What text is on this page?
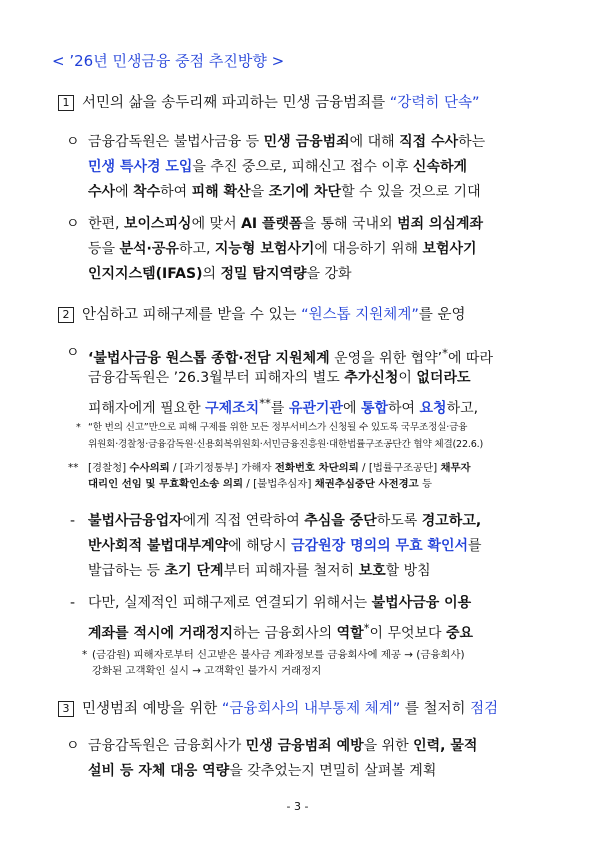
< ’26년 민생금융 중점 추진방향 >
1 서민의 삶을 송두리째 파괴하는 민생 금융범죄를 “강력히 단속”
ㅇ 금융감독원은 불법사금융 등 민생 금융범죄에 대해 직접 수사하는
민생 특사경 도입을 추진 중으로, 피해신고 접수 이후 신속하게
수사에 착수하여 피해 확산을 조기에 차단할 수 있을 것으로 기대
ㅇ 한편, 보이스피싱에 맞서 AI 플랫폼을 통해 국내외 범죄 의심계좌
등을 분석·공유하고, 지능형 보험사기에 대응하기 위해 보험사기
인지지스템(IFAS)의 정밀 탐지역량을 강화
2 안심하고 피해구제를 받을 수 있는 “원스톱 지원체계”를 운영
ㅇ ‘불법사금융 원스톱 종합·전담 지원체계 운영을 위한 협약’*에 따라
금융감독원은 ’26.3월부터 피해자의 별도 추가신청이 없더라도
피해자에게 필요한 구제조치**를 유관기관에 통합하여 요청하고,
* “한 번의 신고”만으로 피해 구제를 위한 모든 정부서비스가 신청될 수 있도록 국무조정실·금융
위원회·경찰청·금융감독원·신용회복위원회·서민금융진흥원·대한법률구조공단간 협약 체결(22.6.)
** [경찰청] 수사의뢰 / [과기정통부] 가해자 전화번호 차단의뢰 / [법률구조공단] 채무자
대리인 선임 및 무효확인소송 의뢰 / [불법추심자] 채권추심중단 사전경고 등
- 불법사금융업자에게 직접 연락하여 추심을 중단하도록 경고하고,
반사회적 불법대부계약에 해당시 금감원장 명의의 무효 확인서를
발급하는 등 초기 단계부터 피해자를 철저히 보호할 방침
- 다만, 실제적인 피해구제로 연결되기 위해서는 불법사금융 이용
계좌를 적시에 거래정지하는 금융회사의 역할*이 무엇보다 중요
* (금감원) 피해자로부터 신고받은 불사금 계좌정보를 금융회사에 제공 → (금융회사)
강화된 고객확인 실시 → 고객확인 불가시 거래정지
3 민생범죄 예방을 위한 “금융회사의 내부통제 체계” 를 철저히 점검
ㅇ 금융감독원은 금융회사가 민생 금융범죄 예방을 위한 인력, 물적
설비 등 자체 대응 역량을 갖추었는지 면밀히 살펴볼 계획
- 3 -
